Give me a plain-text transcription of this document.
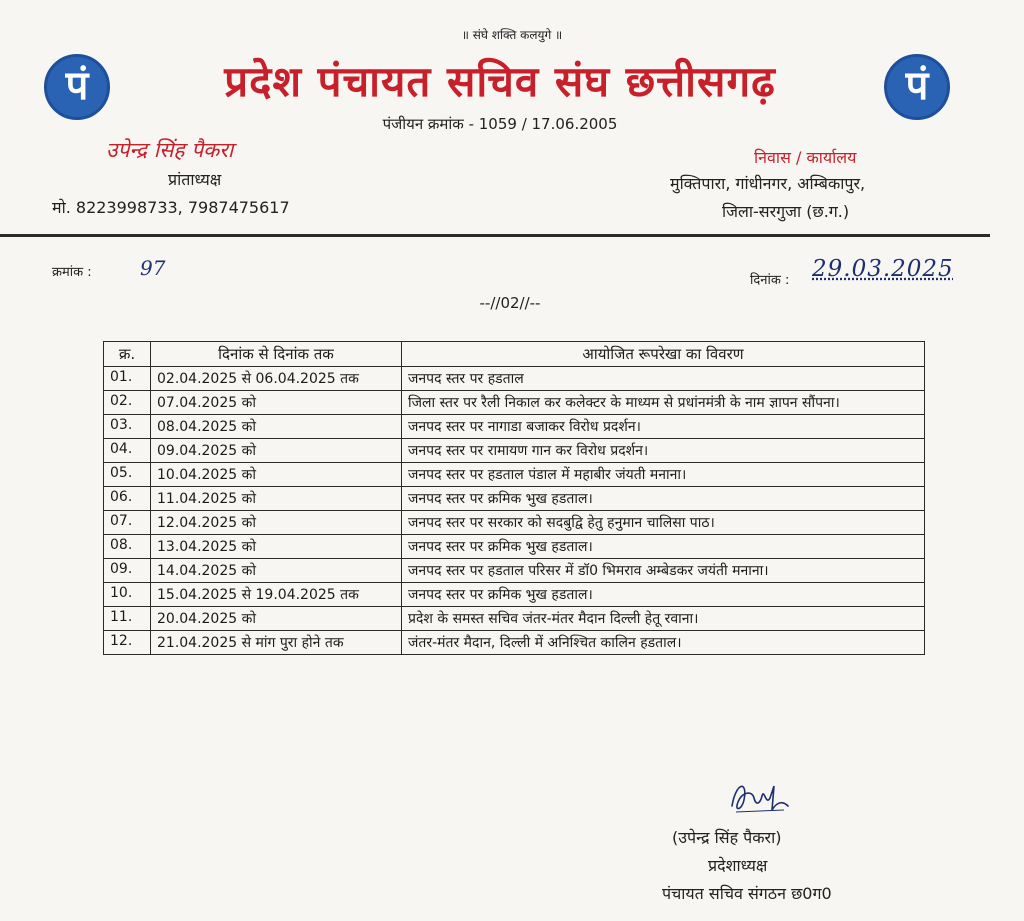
॥ संघे शक्ति कलयुगे ॥
पं	पं
प्रदेश पंचायत सचिव संघ छत्तीसगढ़
पंजीयन क्रमांक - 1059 / 17.06.2005
उपेन्द्र सिंह पैकरा
प्रांताध्यक्ष
मो. 8223998733, 7987475617
निवास / कार्यालय
मुक्तिपारा, गांधीनगर, अम्बिकापुर,
जिला-सरगुजा (छ.ग.)
क्रमांक : 97
दिनांक : 29.03.2025
--//02//--
क्र.	दिनांक से दिनांक तक	आयोजित रूपरेखा का विवरण
01.	02.04.2025 से 06.04.2025 तक	जनपद स्तर पर हडताल
02.	07.04.2025 को	जिला स्तर पर रैली निकाल कर कलेक्टर के माध्यम से प्रधांनमंत्री के नाम ज्ञापन सौंपना।
03.	08.04.2025 को	जनपद स्तर पर नागाडा बजाकर विरोध प्रदर्शन।
04.	09.04.2025 को	जनपद स्तर पर रामायण गान कर विरोध प्रदर्शन।
05.	10.04.2025 को	जनपद स्तर पर हडताल पंडाल में महाबीर जंयती मनाना।
06.	11.04.2025 को	जनपद स्तर पर क्रमिक भुख हडताल।
07.	12.04.2025 को	जनपद स्तर पर सरकार को सदबुद्वि हेतु हनुमान चालिसा पाठ।
08.	13.04.2025 को	जनपद स्तर पर क्रमिक भुख हडताल।
09.	14.04.2025 को	जनपद स्तर पर हडताल परिसर में डॉ0 भिमराव अम्बेडकर जयंती मनाना।
10.	15.04.2025 से 19.04.2025 तक	जनपद स्तर पर क्रमिक भुख हडताल।
11.	20.04.2025 को	प्रदेश के समस्त सचिव जंतर-मंतर मैदान दिल्ली हेतू रवाना।
12.	21.04.2025 से मांग पुरा होने तक	जंतर-मंतर मैदान, दिल्ली में अनिश्चित कालिन हडताल।
(उपेन्द्र सिंह पैकरा)
प्रदेशाध्यक्ष
पंचायत सचिव संगठन छ0ग0
